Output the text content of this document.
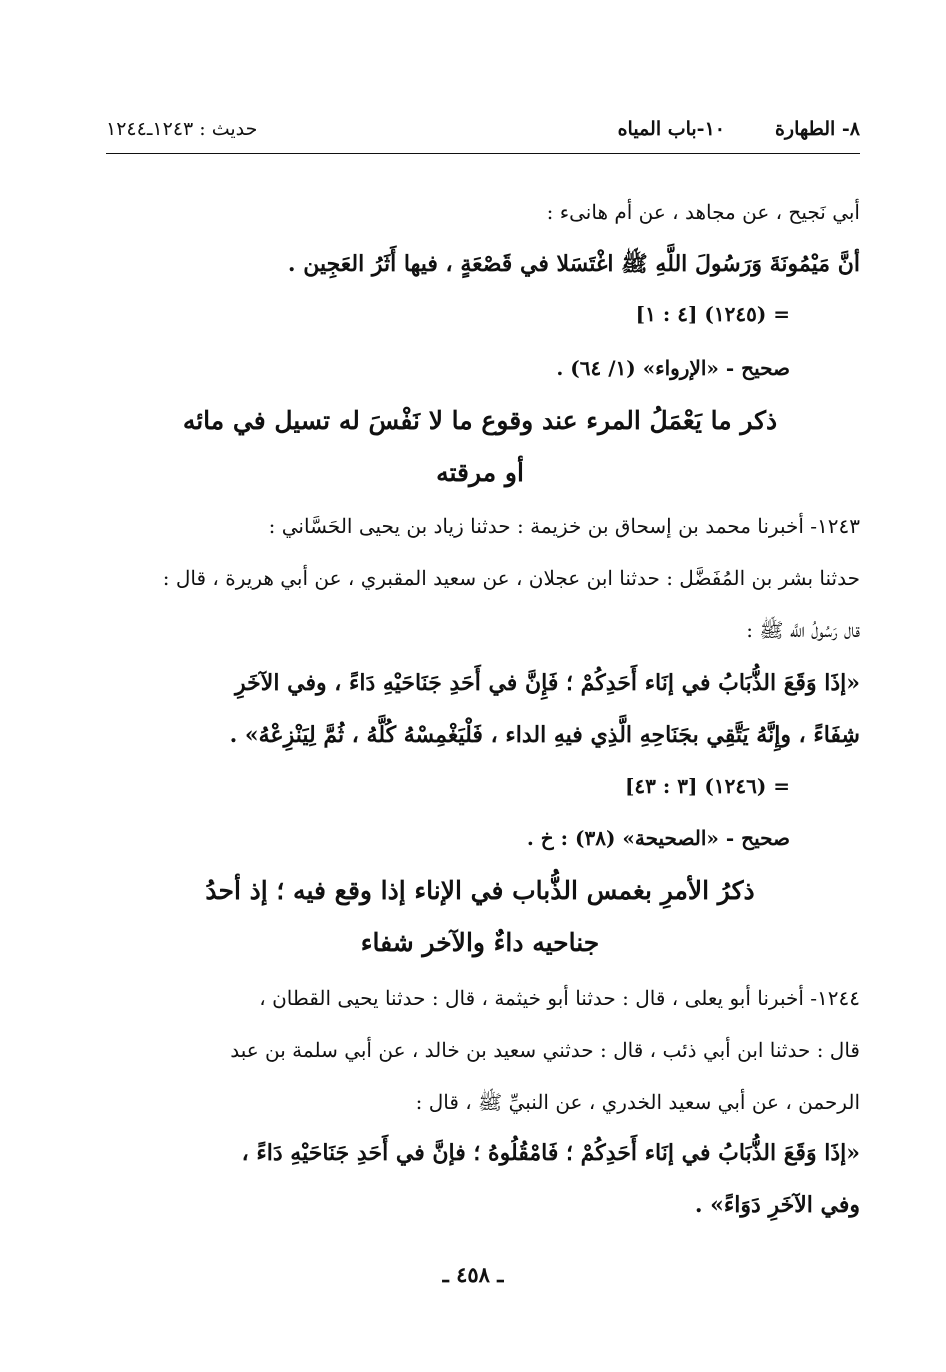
٨- الطهارة
١٠-باب المياه
حديث : ١٢٤٣ـ١٢٤٤
أبي نَجيح ، عن مجاهد ، عن أم هانىء :
أنَّ مَيْمُونَةَ وَرَسُولَ اللَّهِ ﷺ اغْتَسَلا في قَصْعَةٍ ، فيها أَثَرُ العَجِين .
= (١٢٤٥) [٤ : ١]
صحيح - «الإرواء» (١/ ٦٤) .
ذكر ما يَعْمَلُ المرء عند وقوع ما لا نَفْسَ له تسيل في مائه
أو مرقته
١٢٤٣- أخبرنا محمد بن إسحاق بن خزيمة : حدثنا زياد بن يحيى الحَسَّاني :
حدثنا بشر بن المُفَضَّل : حدثنا ابن عجلان ، عن سعيد المقبري ، عن أبي هريرة ، قال :
قال رَسُولُ اللَّه ﷺ :
«إذَا وَقَعَ الذُّبَابُ في إنَاء أَحَدِكُمْ ؛ فَإِنَّ في أَحَدِ جَنَاحَيْهِ دَاءً ، وفي الآخَرِ
شِفَاءً ، وإِنَّهُ يَتَّقِي بجَنَاحِهِ الَّذِي فيهِ الداء ، فَلْيَغْمِسْهُ كُلَّهُ ، ثُمَّ لِيَنْزِعْهُ» .
= (١٢٤٦) [٣ : ٤٣]
صحيح - «الصحيحة» (٣٨) : خ .
ذكرُ الأمرِ بغمس الذُّباب في الإناء إذا وقع فيه ؛ إذ أحدُ
جناحيه داءٌ والآخر شفاء
١٢٤٤- أخبرنا أبو يعلى ، قال : حدثنا أبو خيثمة ، قال : حدثنا يحيى القطان ،
قال : حدثنا ابن أبي ذئب ، قال : حدثني سعيد بن خالد ، عن أبي سلمة بن عبد
الرحمن ، عن أبي سعيد الخدري ، عن النبيِّ ﷺ ، قال :
«إذَا وَقَعَ الذُّبَابُ في إنَاء أَحَدِكُمْ ؛ فَامْقُلُوهُ ؛ فإنَّ في أَحَدِ جَنَاحَيْهِ دَاءً ،
وفي الآخَرِ دَوَاءً» .
ـ ٤٥٨ ـ
